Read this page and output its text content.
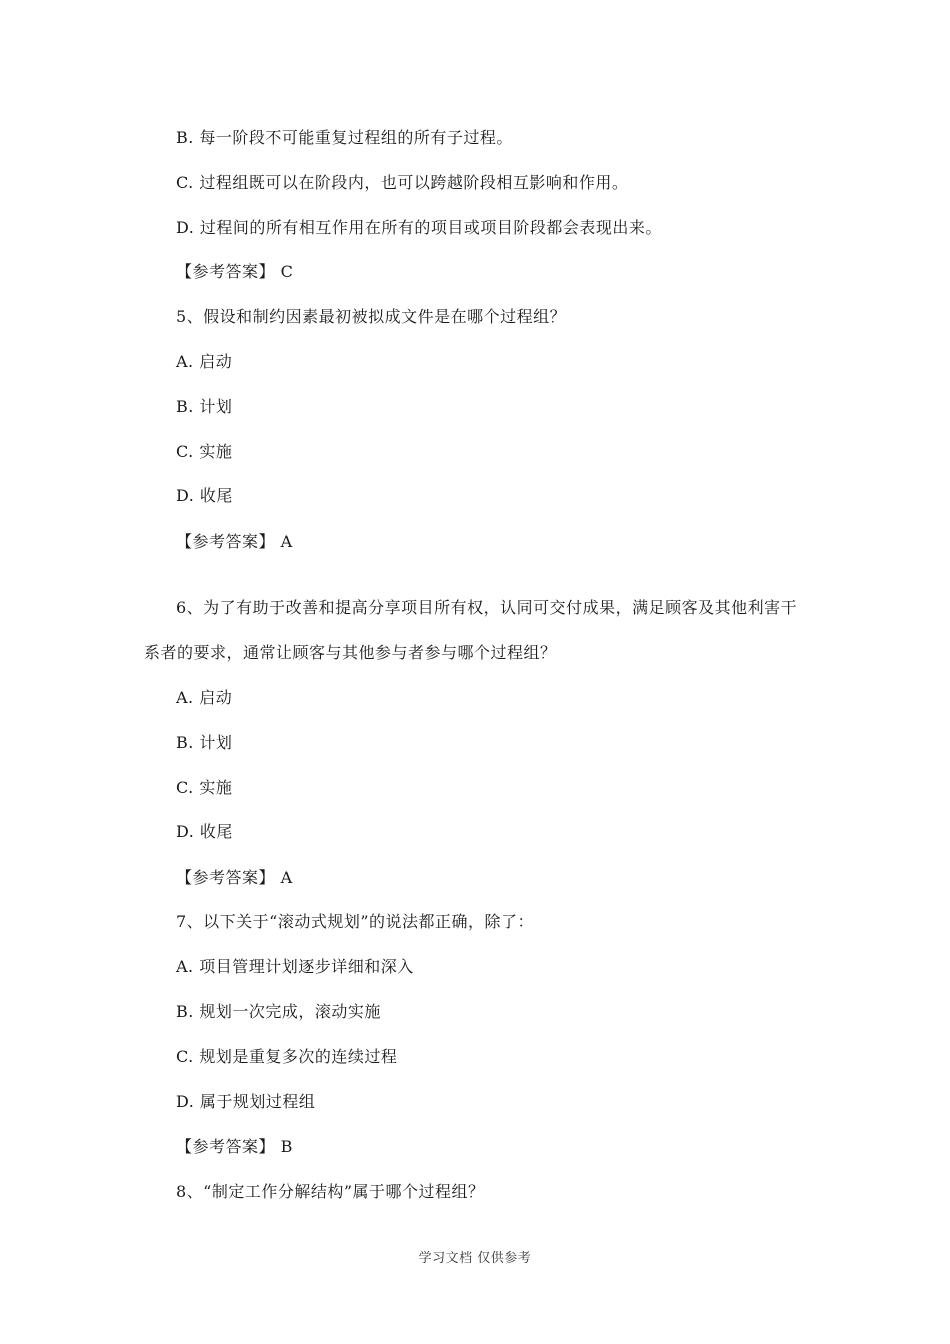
B. 每一阶段不可能重复过程组的所有子过程。
C. 过程组既可以在阶段内，也可以跨越阶段相互影响和作用。
D. 过程间的所有相互作用在所有的项目或项目阶段都会表现出来。
【参考答案】 C
5、假设和制约因素最初被拟成文件是在哪个过程组？
A. 启动
B. 计划
C. 实施
D. 收尾
【参考答案】 A
6、为了有助于改善和提高分享项目所有权，认同可交付成果，满足顾客及其他利害干
系者的要求，通常让顾客与其他参与者参与哪个过程组？
A. 启动
B. 计划
C. 实施
D. 收尾
【参考答案】 A
7、以下关于“滚动式规划”的说法都正确，除了：
A. 项目管理计划逐步详细和深入
B. 规划一次完成，滚动实施
C. 规划是重复多次的连续过程
D. 属于规划过程组
【参考答案】 B
8、“制定工作分解结构”属于哪个过程组？
学习文档 仅供参考
